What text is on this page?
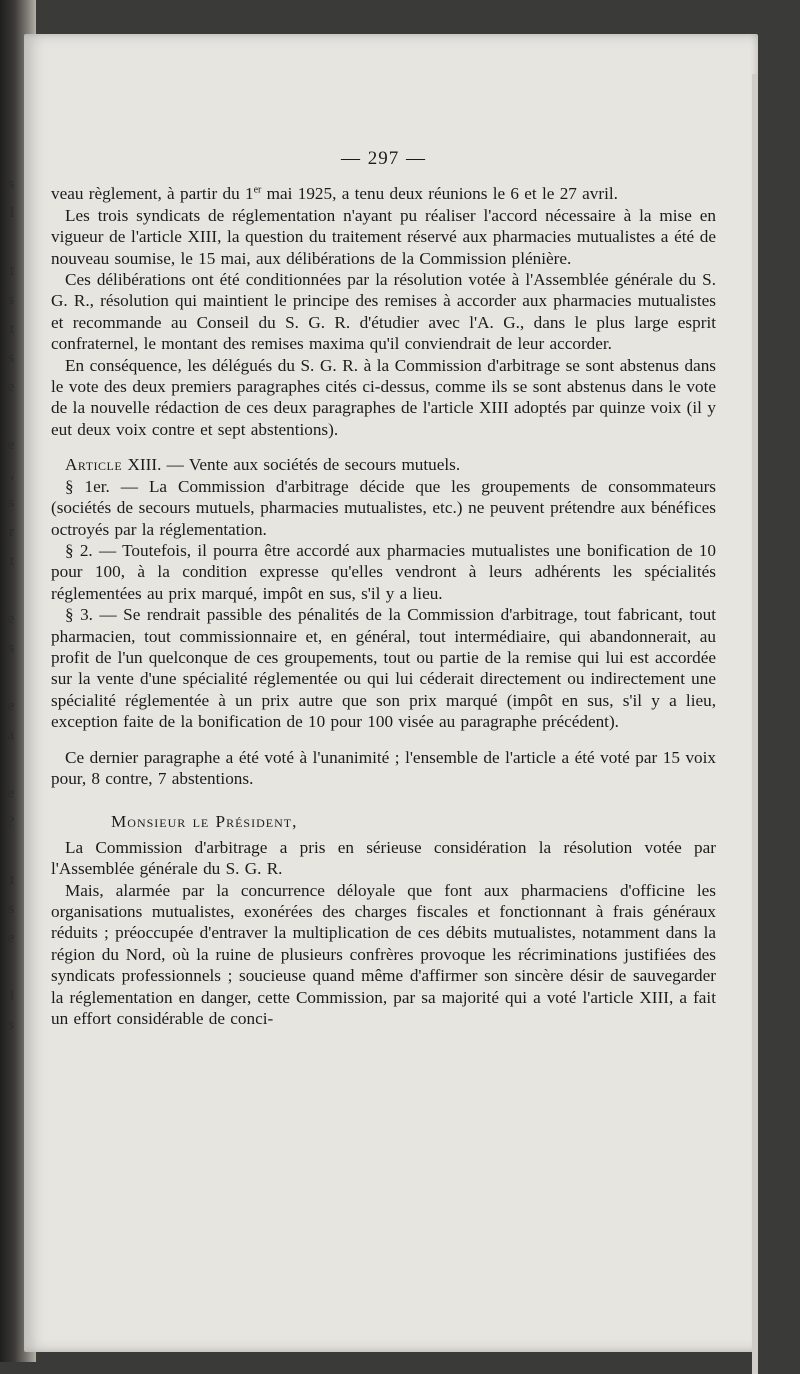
s
l

t
s
t
s
e

e
,
s
r
t

e
s

e
a

e
?

t
s
e

l
s
— 297 —

veau règlement, à partir du 1er mai 1925, a tenu deux réunions le 6 et le 27 avril.

Les trois syndicats de réglementation n'ayant pu réaliser l'accord nécessaire à la mise en vigueur de l'article XIII, la question du traitement réservé aux pharmacies mutualistes a été de nouveau soumise, le 15 mai, aux délibérations de la Commission plénière.

Ces délibérations ont été conditionnées par la résolution votée à l'Assemblée générale du S. G. R., résolution qui maintient le principe des remises à accorder aux pharmacies mutualistes et recommande au Conseil du S. G. R. d'étudier avec l'A. G., dans le plus large esprit confraternel, le montant des remises maxima qu'il conviendrait de leur accorder.

En conséquence, les délégués du S. G. R. à la Commission d'arbitrage se sont abstenus dans le vote des deux premiers paragraphes cités ci-dessus, comme ils se sont abstenus dans le vote de la nouvelle rédaction de ces deux paragraphes de l'article XIII adoptés par quinze voix (il y eut deux voix contre et sept abstentions).

Article XIII. — Vente aux sociétés de secours mutuels.

§ 1er. — La Commission d'arbitrage décide que les groupements de consommateurs (sociétés de secours mutuels, pharmacies mutualistes, etc.) ne peuvent prétendre aux bénéfices octroyés par la réglementation.

§ 2. — Toutefois, il pourra être accordé aux pharmacies mutualistes une bonification de 10 pour 100, à la condition expresse qu'elles vendront à leurs adhérents les spécialités réglementées au prix marqué, impôt en sus, s'il y a lieu.

§ 3. — Se rendrait passible des pénalités de la Commission d'arbitrage, tout fabricant, tout pharmacien, tout commissionnaire et, en général, tout intermédiaire, qui abandonnerait, au profit de l'un quelconque de ces groupements, tout ou partie de la remise qui lui est accordée sur la vente d'une spécialité réglementée ou qui lui céderait directement ou indirectement une spécialité réglementée à un prix autre que son prix marqué (impôt en sus, s'il y a lieu, exception faite de la bonification de 10 pour 100 visée au paragraphe précédent).

Ce dernier paragraphe a été voté à l'unanimité ; l'ensemble de l'article a été voté par 15 voix pour, 8 contre, 7 abstentions.

Monsieur le Président,

La Commission d'arbitrage a pris en sérieuse considération la résolution votée par l'Assemblée générale du S. G. R.

Mais, alarmée par la concurrence déloyale que font aux pharmaciens d'officine les organisations mutualistes, exonérées des charges fiscales et fonctionnant à frais généraux réduits ; préoccupée d'entraver la multiplication de ces débits mutualistes, notamment dans la région du Nord, où la ruine de plusieurs confrères provoque les récriminations justifiées des syndicats professionnels ; soucieuse quand même d'affirmer son sincère désir de sauvegarder la réglementation en danger, cette Commission, par sa majorité qui a voté l'article XIII, a fait un effort considérable de conci-
